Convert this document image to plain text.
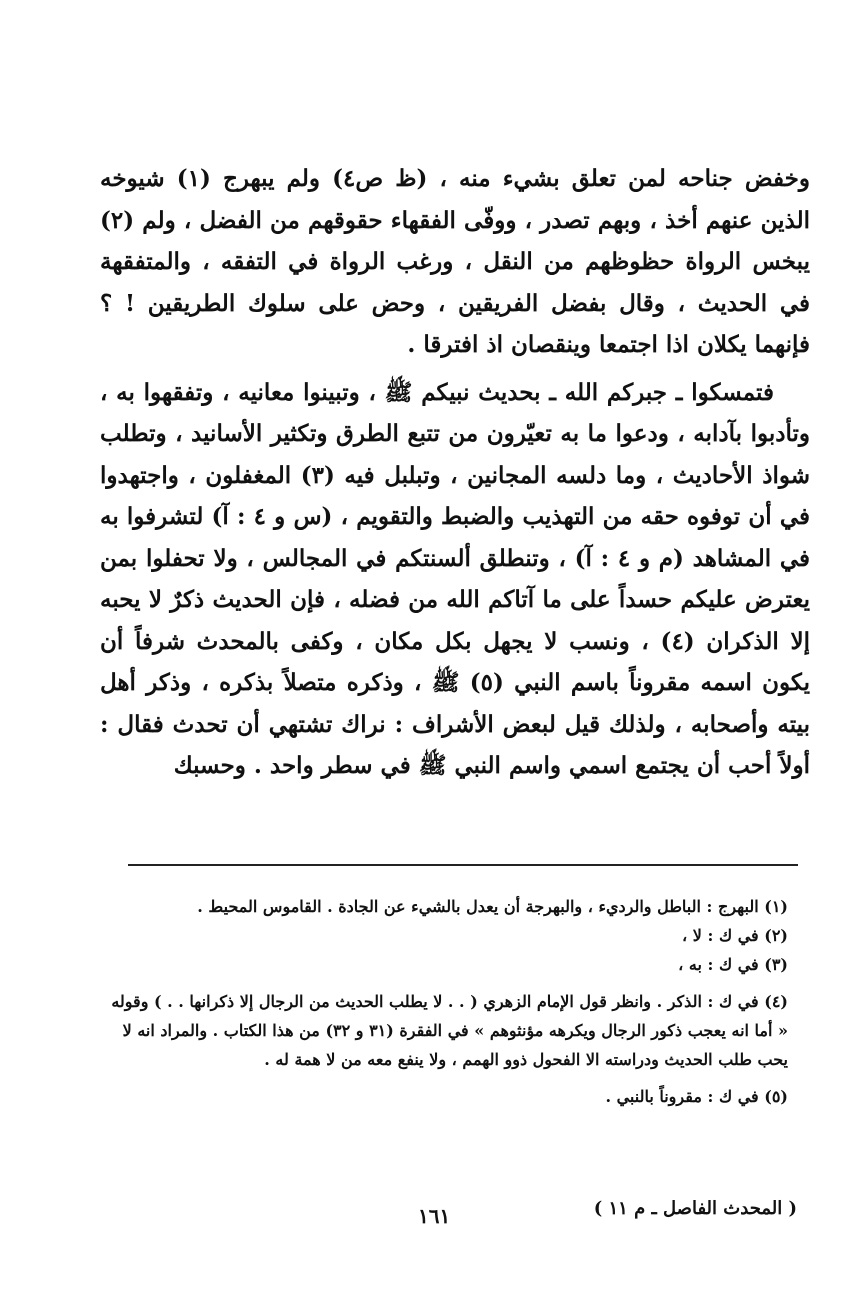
وخفض جناحه لمن تعلق بشيء منه ، (ظ ص٤) ولم يبهرج (١) شيوخه الذين عنهم أخذ ، وبهم تصدر ، ووفّى الفقهاء حقوقهم من الفضل ، ولم (٢) يبخس الرواة حظوظهم من النقل ، ورغب الرواة في التفقه ، والمتفقهة في الحديث ، وقال بفضل الفريقين ، وحض على سلوك الطريقين ! ؟ فإنهما يكلان اذا اجتمعا وينقصان اذ افترقا .

فتمسكوا ـ جبركم الله ـ بحديث نبيكم ﷺ ، وتبينوا معانيه ، وتفقهوا به ، وتأدبوا بآدابه ، ودعوا ما به تعيّرون من تتبع الطرق وتكثير الأسانيد ، وتطلب شواذ الأحاديث ، وما دلسه المجانين ، وتبلبل فيه (٣) المغفلون ، واجتهدوا في أن توفوه حقه من التهذيب والضبط والتقويم ، (س و ٤ : آ) لتشرفوا به في المشاهد (م و ٤ : آ) ، وتنطلق ألسنتكم في المجالس ، ولا تحفلوا بمن يعترض عليكم حسداً على ما آتاكم الله من فضله ، فإن الحديث ذكرٌ لا يحبه إلا الذكران (٤) ، ونسب لا يجهل بكل مكان ، وكفى بالمحدث شرفاً أن يكون اسمه مقروناً باسم النبي (٥) ﷺ ، وذكره متصلاً بذكره ، وذكر أهل بيته وأصحابه ، ولذلك قيل لبعض الأشراف : نراك تشتهي أن تحدث فقال : أولاً أحب أن يجتمع اسمي واسم النبي ﷺ في سطر واحد . وحسبك

(١) البهرج : الباطل والرديء ، والبهرجة أن يعدل بالشيء عن الجادة . القاموس المحيط .

(٢) في ك : لا ،

(٣) في ك : به ،

(٤) في ك : الذكر . وانظر قول الإمام الزهري ( . . لا يطلب الحديث من الرجال إلا ذكرانها . . ) وقوله « أما انه يعجب ذكور الرجال ويكرهه مؤنثوهم » في الفقرة (٣١ و ٣٢) من هذا الكتاب . والمراد انه لا يحب طلب الحديث ودراسته الا الفحول ذوو الهمم ، ولا ينفع معه من لا همة له .

(٥) في ك : مقروناً بالنبي .

١٦١	( المحدث الفاصل ـ م ١١ )
